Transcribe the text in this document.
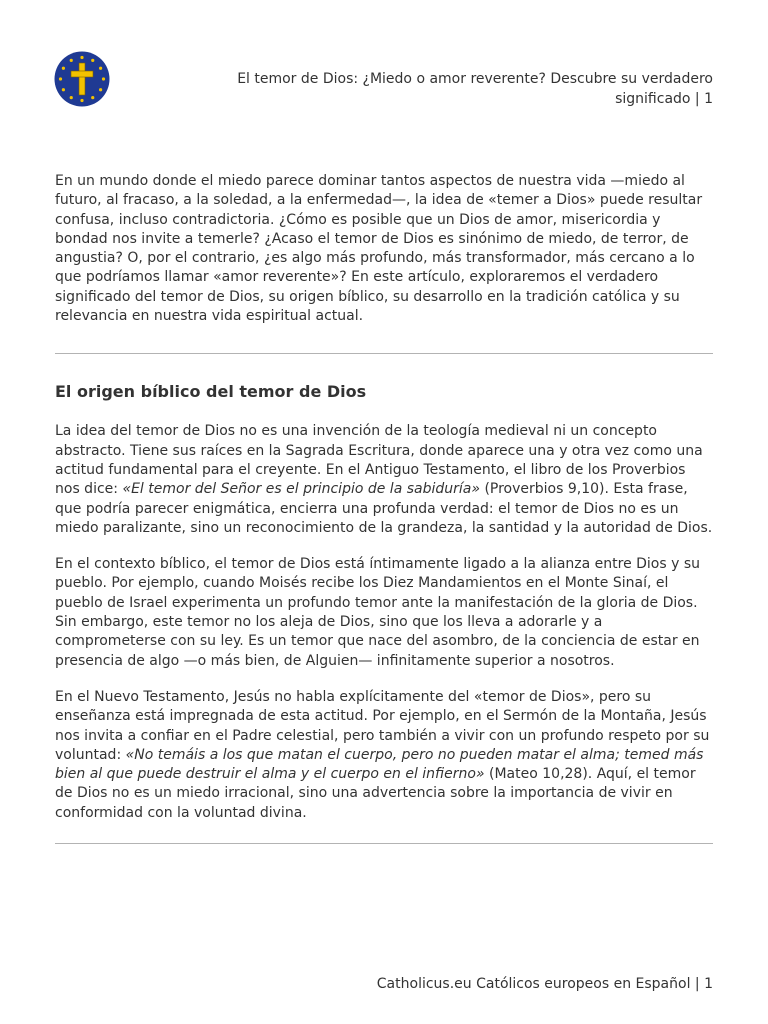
El temor de Dios: ¿Miedo o amor reverente? Descubre su verdadero significado | 1

En un mundo donde el miedo parece dominar tantos aspectos de nuestra vida —miedo al futuro, al fracaso, a la soledad, a la enfermedad—, la idea de «temer a Dios» puede resultar confusa, incluso contradictoria. ¿Cómo es posible que un Dios de amor, misericordia y bondad nos invite a temerle? ¿Acaso el temor de Dios es sinónimo de miedo, de terror, de angustia? O, por el contrario, ¿es algo más profundo, más transformador, más cercano a lo que podríamos llamar «amor reverente»? En este artículo, exploraremos el verdadero significado del temor de Dios, su origen bíblico, su desarrollo en la tradición católica y su relevancia en nuestra vida espiritual actual.

El origen bíblico del temor de Dios

La idea del temor de Dios no es una invención de la teología medieval ni un concepto abstracto. Tiene sus raíces en la Sagrada Escritura, donde aparece una y otra vez como una actitud fundamental para el creyente. En el Antiguo Testamento, el libro de los Proverbios nos dice: «El temor del Señor es el principio de la sabiduría» (Proverbios 9,10). Esta frase, que podría parecer enigmática, encierra una profunda verdad: el temor de Dios no es un miedo paralizante, sino un reconocimiento de la grandeza, la santidad y la autoridad de Dios.

En el contexto bíblico, el temor de Dios está íntimamente ligado a la alianza entre Dios y su pueblo. Por ejemplo, cuando Moisés recibe los Diez Mandamientos en el Monte Sinaí, el pueblo de Israel experimenta un profundo temor ante la manifestación de la gloria de Dios. Sin embargo, este temor no los aleja de Dios, sino que los lleva a adorarle y a comprometerse con su ley. Es un temor que nace del asombro, de la conciencia de estar en presencia de algo —o más bien, de Alguien— infinitamente superior a nosotros.

En el Nuevo Testamento, Jesús no habla explícitamente del «temor de Dios», pero su enseñanza está impregnada de esta actitud. Por ejemplo, en el Sermón de la Montaña, Jesús nos invita a confiar en el Padre celestial, pero también a vivir con un profundo respeto por su voluntad: «No temáis a los que matan el cuerpo, pero no pueden matar el alma; temed más bien al que puede destruir el alma y el cuerpo en el infierno» (Mateo 10,28). Aquí, el temor de Dios no es un miedo irracional, sino una advertencia sobre la importancia de vivir en conformidad con la voluntad divina.

Catholicus.eu Católicos europeos en Español | 1
